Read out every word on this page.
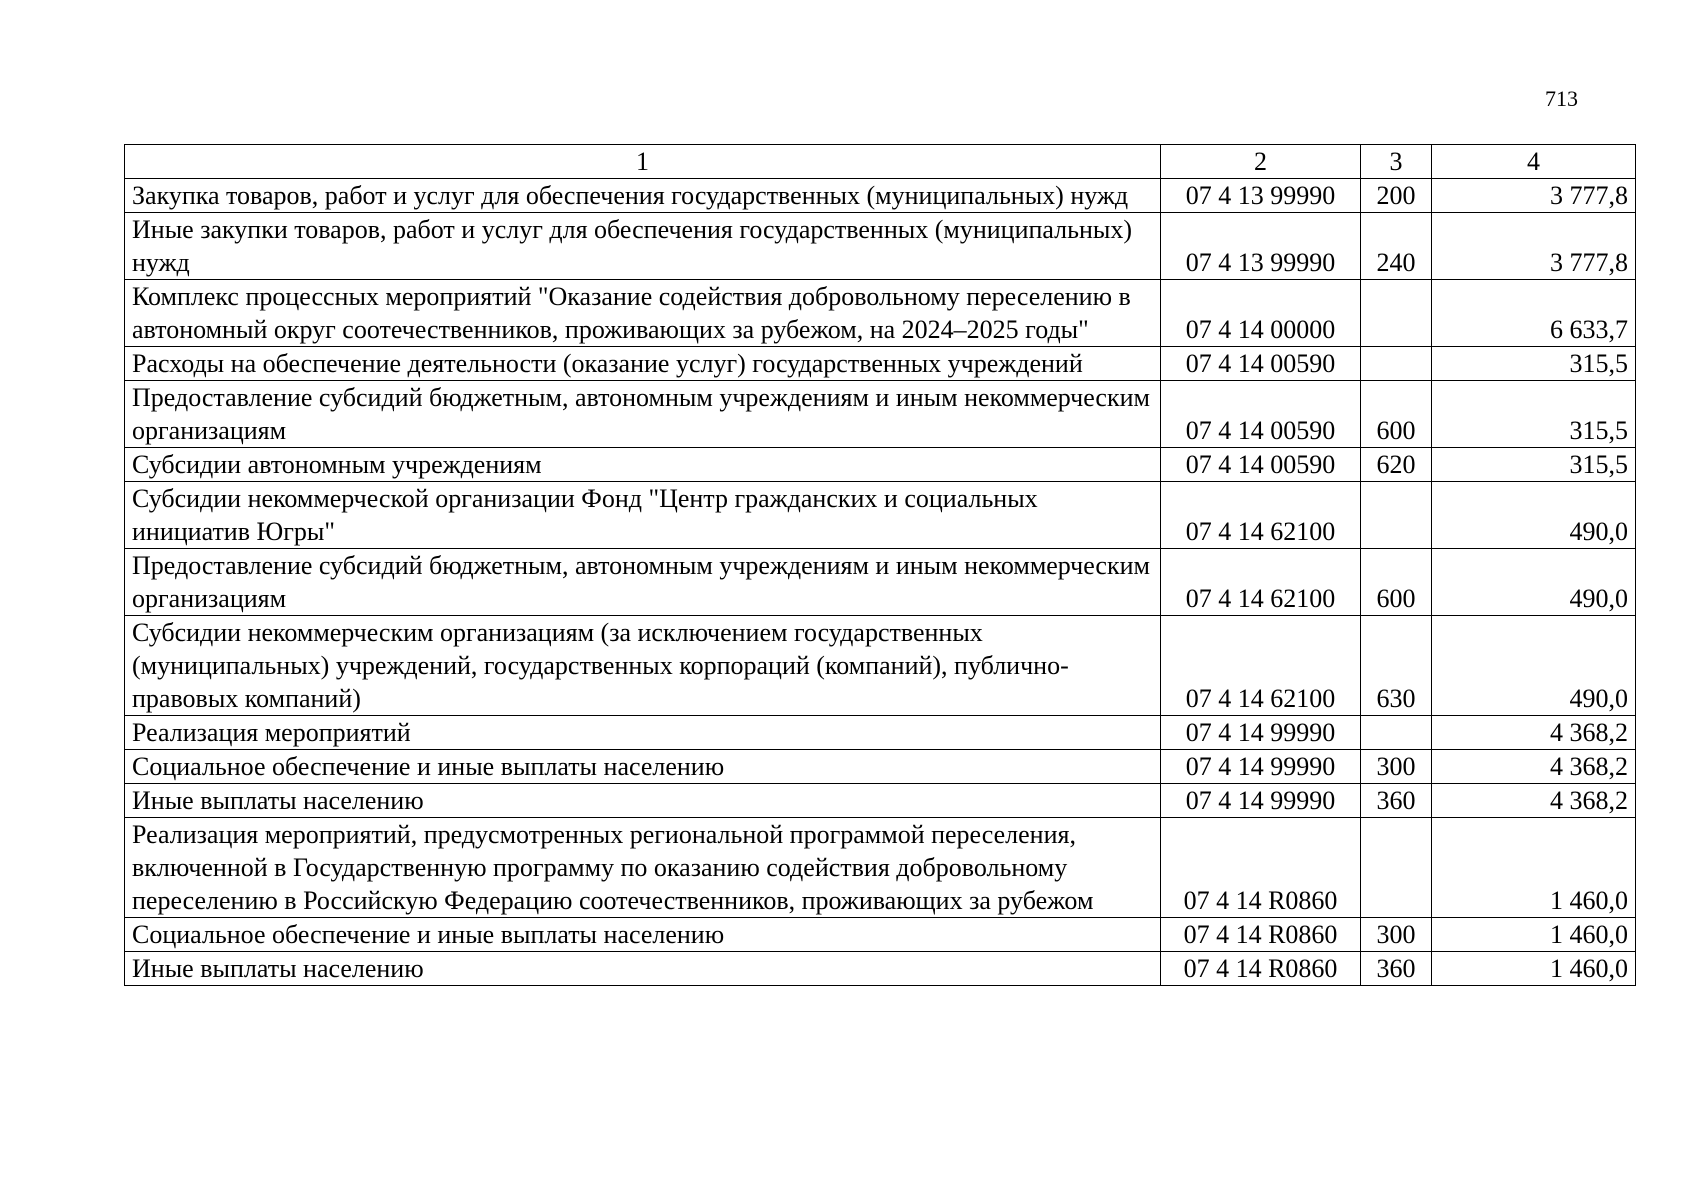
713
1	2	3	4
Закупка товаров, работ и услуг для обеспечения государственных (муниципальных) нужд	07 4 13 99990	200	3 777,8
Иные закупки товаров, работ и услуг для обеспечения государственных (муниципальных) нужд	07 4 13 99990	240	3 777,8
Комплекс процессных мероприятий "Оказание содействия добровольному переселению в автономный округ соотечественников, проживающих за рубежом, на 2024–2025 годы"	07 4 14 00000		6 633,7
Расходы на обеспечение деятельности (оказание услуг) государственных учреждений	07 4 14 00590		315,5
Предоставление субсидий бюджетным, автономным учреждениям и иным некоммерческим организациям	07 4 14 00590	600	315,5
Субсидии автономным учреждениям	07 4 14 00590	620	315,5
Субсидии некоммерческой организации Фонд "Центр гражданских и социальных инициатив Югры"	07 4 14 62100		490,0
Предоставление субсидий бюджетным, автономным учреждениям и иным некоммерческим организациям	07 4 14 62100	600	490,0
Субсидии некоммерческим организациям (за исключением государственных (муниципальных) учреждений, государственных корпораций (компаний), публично-правовых компаний)	07 4 14 62100	630	490,0
Реализация мероприятий	07 4 14 99990		4 368,2
Социальное обеспечение и иные выплаты населению	07 4 14 99990	300	4 368,2
Иные выплаты населению	07 4 14 99990	360	4 368,2
Реализация мероприятий, предусмотренных региональной программой переселения, включенной в Государственную программу по оказанию содействия добровольному переселению в Российскую Федерацию соотечественников, проживающих за рубежом	07 4 14 R0860		1 460,0
Социальное обеспечение и иные выплаты населению	07 4 14 R0860	300	1 460,0
Иные выплаты населению	07 4 14 R0860	360	1 460,0
